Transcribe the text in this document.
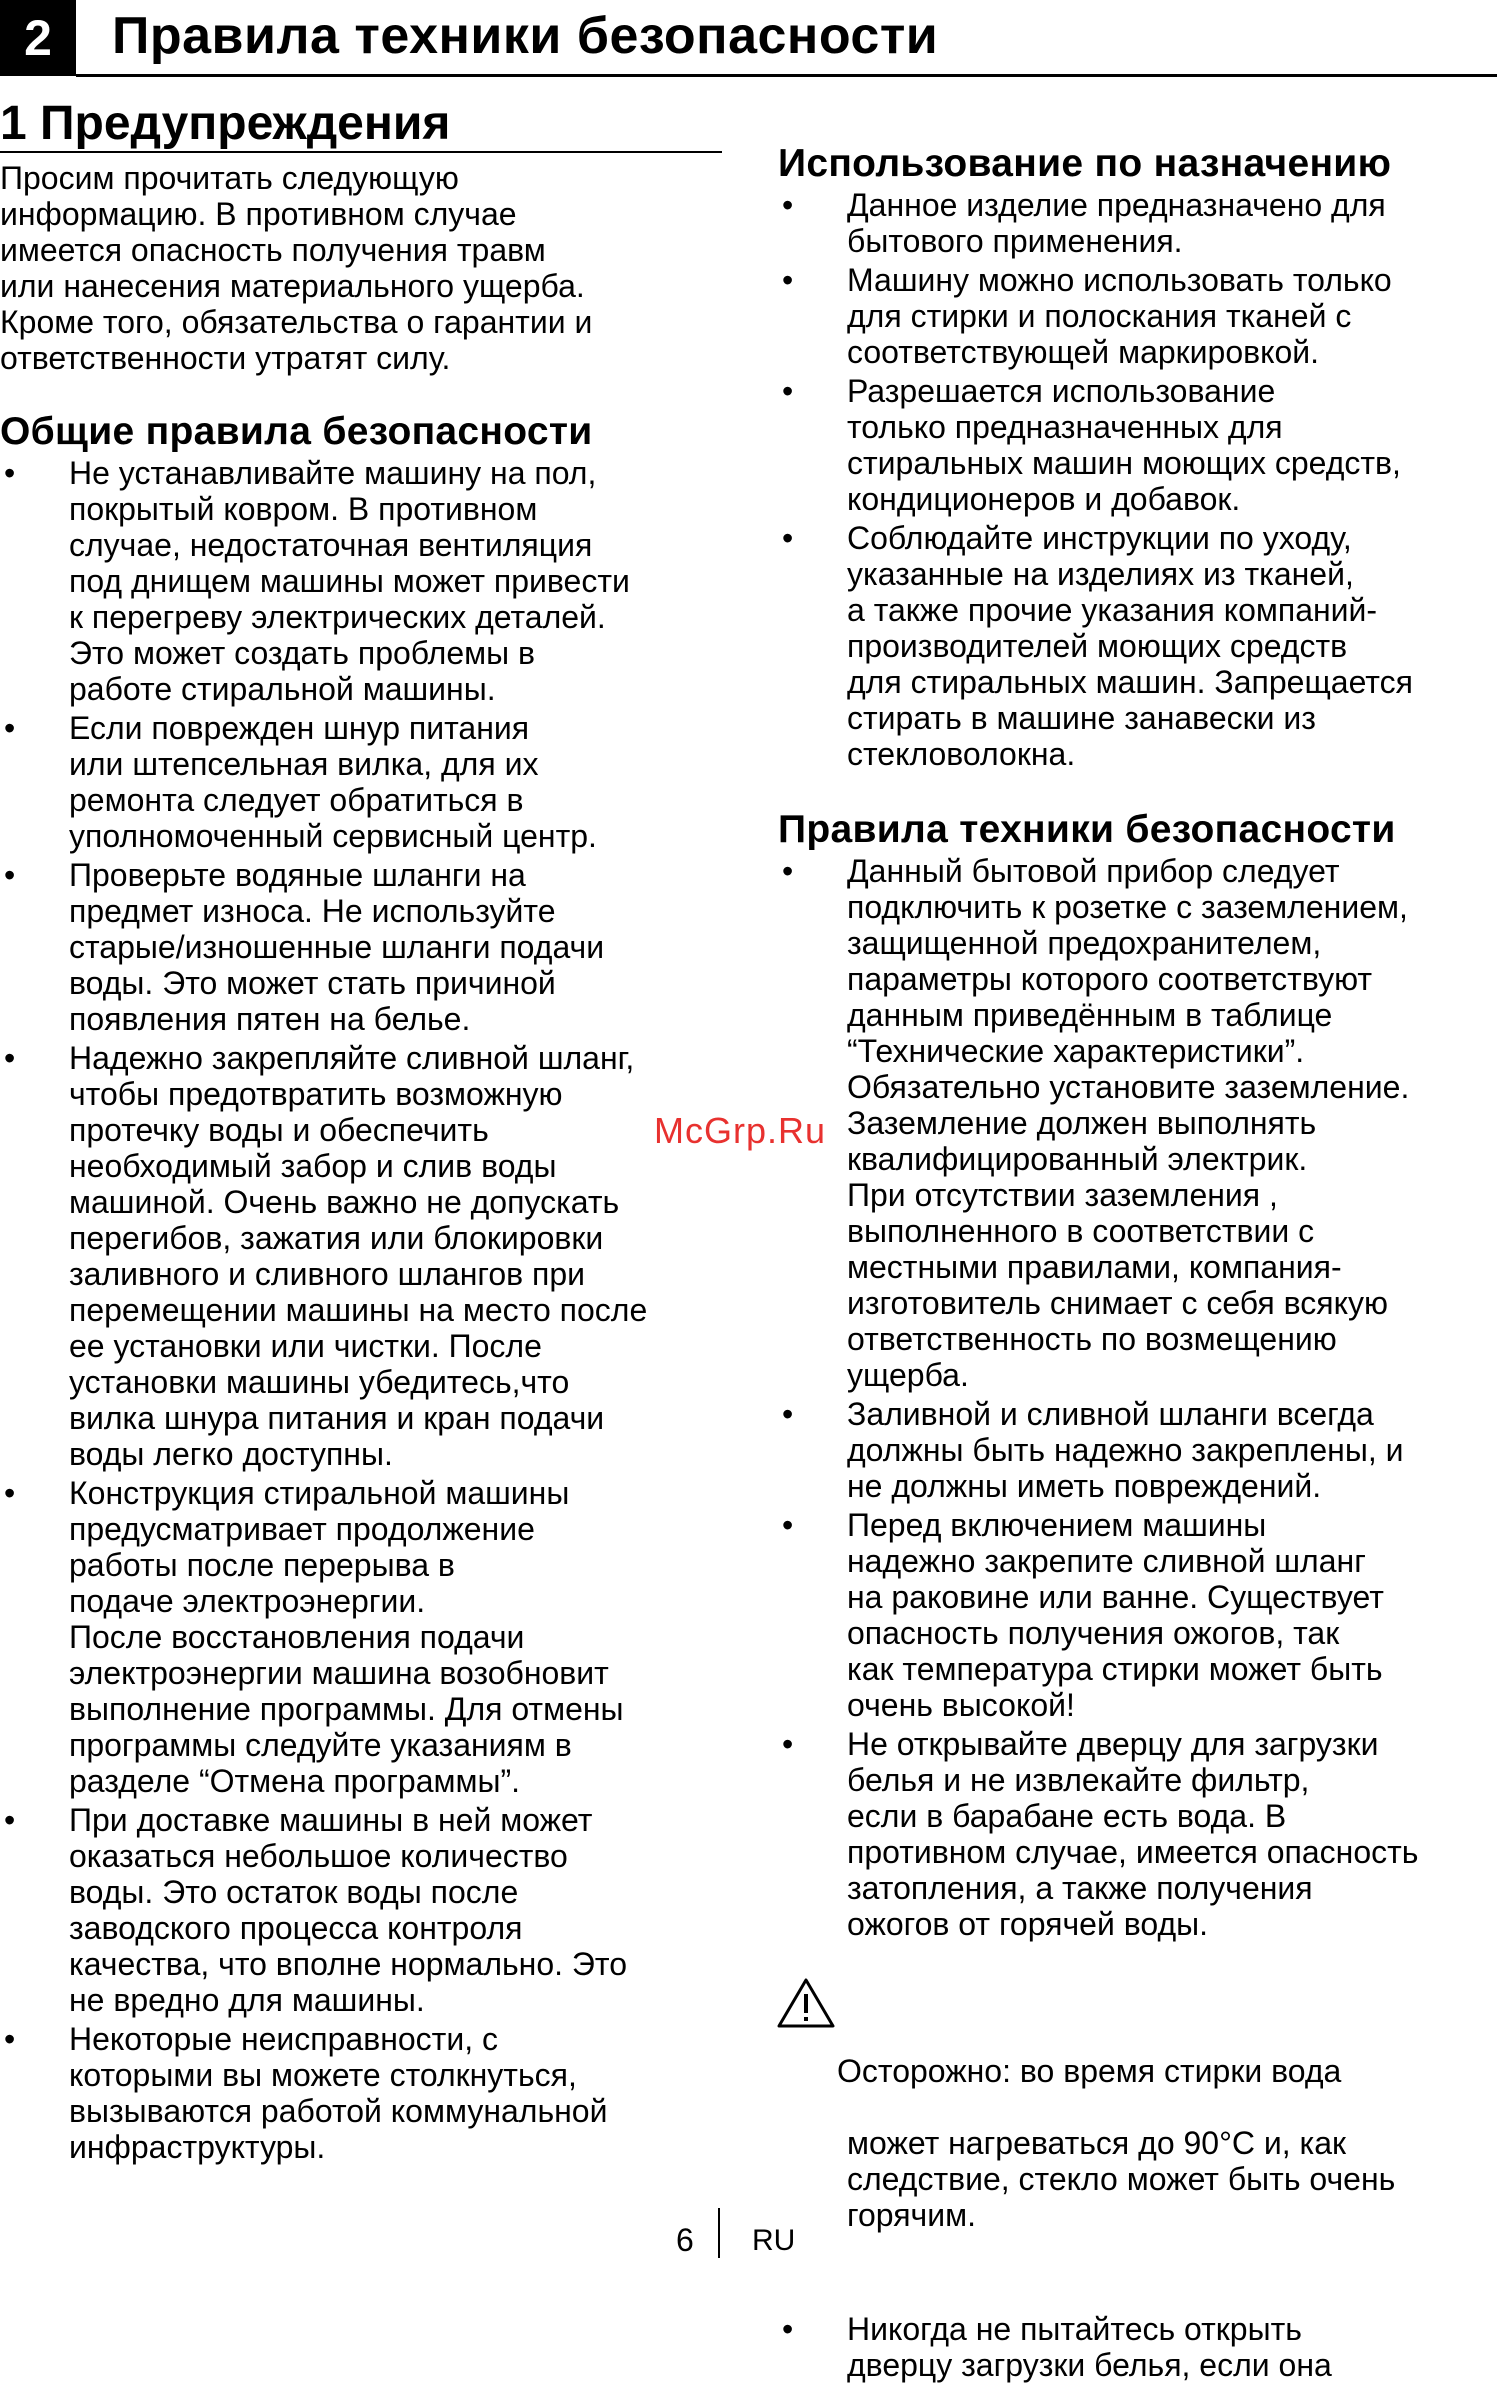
2	Правила техники безопасности
1 Предупреждения
Просим прочитать следующую
информацию. В противном случае
имеется опасность получения травм
или нанесения материального ущерба.
Кроме того, обязательства о гарантии и
ответственности утратят силу.
Общие правила безопасности
• Не устанавливайте машину на пол,
покрытый ковром. В противном
случае, недостаточная вентиляция
под днищем машины может привести
к перегреву электрических деталей.
Это может создать проблемы в
работе стиральной машины.
• Если поврежден шнур питания
или штепсельная вилка, для их
ремонта следует обратиться в
уполномоченный сервисный центр.
• Проверьте водяные шланги на
предмет износа. Не используйте
старые/изношенные шланги подачи
воды. Это может стать причиной
появления пятен на белье.
• Надежно закрепляйте сливной шланг,
чтобы предотвратить возможную
протечку воды и обеспечить
необходимый забор и слив воды
машиной. Очень важно не допускать
перегибов, зажатия или блокировки
заливного и сливного шлангов при
перемещении машины на место после
ее установки или чистки. После
установки машины убедитесь,что
вилка шнура питания и кран подачи
воды легко доступны.
• Конструкция стиральной машины
предусматривает продолжение
работы после перерыва в
подаче электроэнергии.
После восстановления подачи
электроэнергии машина возобновит
выполнение программы. Для отмены
программы следуйте указаниям в
разделе “Отмена программы”.
• При доставке машины в ней может
оказаться небольшое количество
воды. Это остаток воды после
заводского процесса контроля
качества, что вполне нормально. Это
не вредно для машины.
• Некоторые неисправности, с
которыми вы можете столкнуться,
вызываются работой коммунальной
инфраструктуры.
Использование по назначению
• Данное изделие предназначено для
бытового применения.
• Машину можно использовать только
для стирки и полоскания тканей с
соответствующей маркировкой.
• Разрешается использование
только предназначенных для
стиральных машин моющих средств,
кондиционеров и добавок.
• Соблюдайте инструкции по уходу,
указанные на изделиях из тканей,
а также прочие указания компаний-
производителей моющих средств
для стиральных машин. Запрещается
стирать в машине занавески из
стекловолокна.
Правила техники безопасности
• Данный бытовой прибор следует
подключить к розетке с заземлением,
защищенной предохранителем,
параметры которого соответствуют
данным приведённым в таблице
“Технические характеристики”.
Обязательно установите заземление.
Заземление должен выполнять
квалифицированный электрик.
При отсутствии заземления ,
выполненного в соответствии с
местными правилами, компания-
изготовитель снимает с себя всякую
ответственность по возмещению
ущерба.
• Заливной и сливной шланги всегда
должны быть надежно закреплены, и
не должны иметь повреждений.
• Перед включением машины
надежно закрепите сливной шланг
на раковине или ванне. Существует
опасность получения ожогов, так
как температура стирки может быть
очень высокой!
• Не открывайте дверцу для загрузки
белья и не извлекайте фильтр,
если в барабане есть вода. В
противном случае, имеется опасность
затопления, а также получения
ожогов от горячей воды.

Осторожно: во время стирки вода

может нагреваться до 90°С и, как
следствие, стекло может быть очень
горячим.

• Никогда не пытайтесь открыть
дверцу загрузки белья, если она
McGrp.Ru
6 RU
